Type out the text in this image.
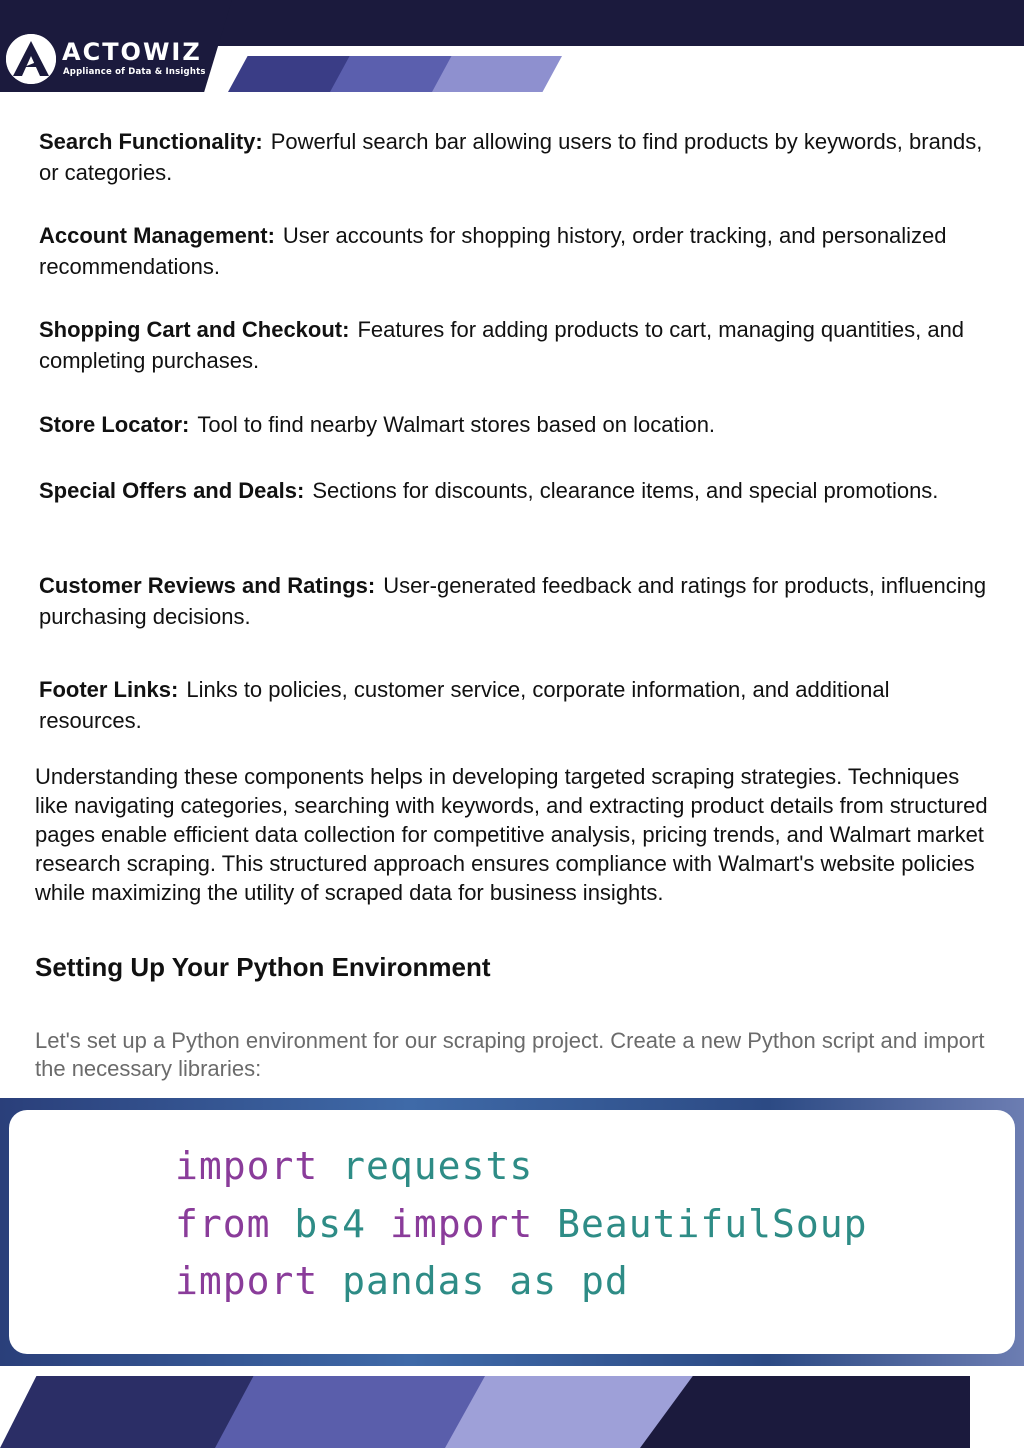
ACTOWIZ
Appliance of Data & Insights
Search Functionality: Powerful search bar allowing users to find products by keywords, brands, or categories.
Account Management: User accounts for shopping history, order tracking, and personalized recommendations.
Shopping Cart and Checkout: Features for adding products to cart, managing quantities, and completing purchases.
Store Locator: Tool to find nearby Walmart stores based on location.
Special Offers and Deals: Sections for discounts, clearance items, and special promotions.
Customer Reviews and Ratings: User-generated feedback and ratings for products, influencing purchasing decisions.
Footer Links: Links to policies, customer service, corporate information, and additional resources.
Understanding these components helps in developing targeted scraping strategies. Techniques like navigating categories, searching with keywords, and extracting product details from structured pages enable efficient data collection for competitive analysis, pricing trends, and Walmart market research scraping. This structured approach ensures compliance with Walmart's website policies while maximizing the utility of scraped data for business insights.
Setting Up Your Python Environment
Let's set up a Python environment for our scraping project. Create a new Python script and import the necessary libraries:
import requests
from bs4 import BeautifulSoup
import pandas as pd
